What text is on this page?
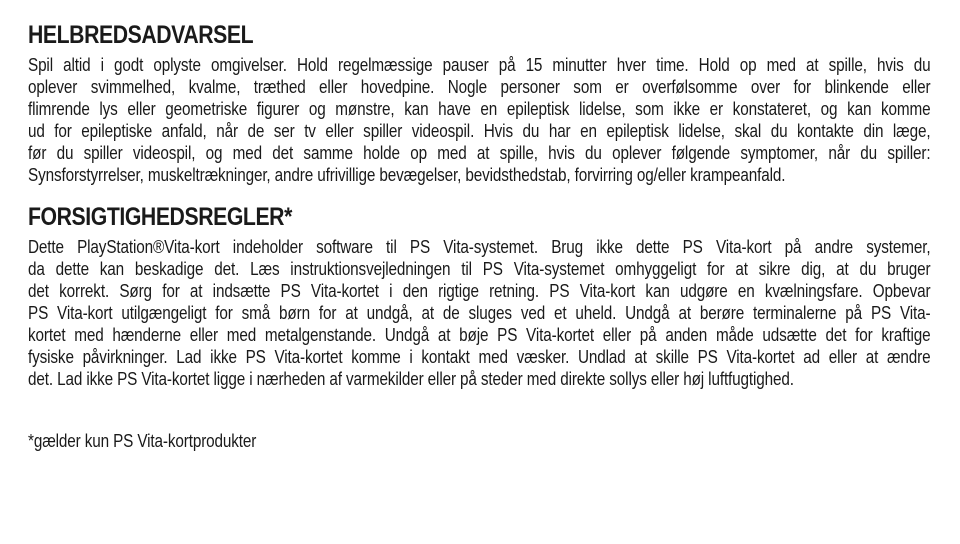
HELBREDSADVARSEL

Spil altid i godt oplyste omgivelser. Hold regelmæssige pauser på 15 minutter hver time. Hold op med at spille, hvis du

oplever svimmelhed, kvalme, træthed eller hovedpine. Nogle personer som er overfølsomme over for blinkende eller

flimrende lys eller geometriske figurer og mønstre, kan have en epileptisk lidelse, som ikke er konstateret, og kan komme

ud for epileptiske anfald, når de ser tv eller spiller videospil. Hvis du har en epileptisk lidelse, skal du kontakte din læge,

før du spiller videospil, og med det samme holde op med at spille, hvis du oplever følgende symptomer, når du spiller:

Synsforstyrrelser, muskeltrækninger, andre ufrivillige bevægelser, bevidsthedstab, forvirring og/eller krampeanfald.

FORSIGTIGHEDSREGLER*

Dette PlayStation®Vita-kort indeholder software til PS Vita-systemet. Brug ikke dette PS Vita-kort på andre systemer,

da dette kan beskadige det. Læs instruktionsvejledningen til PS Vita-systemet omhyggeligt for at sikre dig, at du bruger

det korrekt. Sørg for at indsætte PS Vita-kortet i den rigtige retning. PS Vita-kort kan udgøre en kvælningsfare. Opbevar

PS Vita-kort utilgængeligt for små børn for at undgå, at de sluges ved et uheld. Undgå at berøre terminalerne på PS Vita-

kortet med hænderne eller med metalgenstande. Undgå at bøje PS Vita-kortet eller på anden måde udsætte det for kraftige

fysiske påvirkninger. Lad ikke PS Vita-kortet komme i kontakt med væsker. Undlad at skille PS Vita-kortet ad eller at ændre

det. Lad ikke PS Vita-kortet ligge i nærheden af varmekilder eller på steder med direkte sollys eller høj luftfugtighed.

*gælder kun PS Vita-kortprodukter
